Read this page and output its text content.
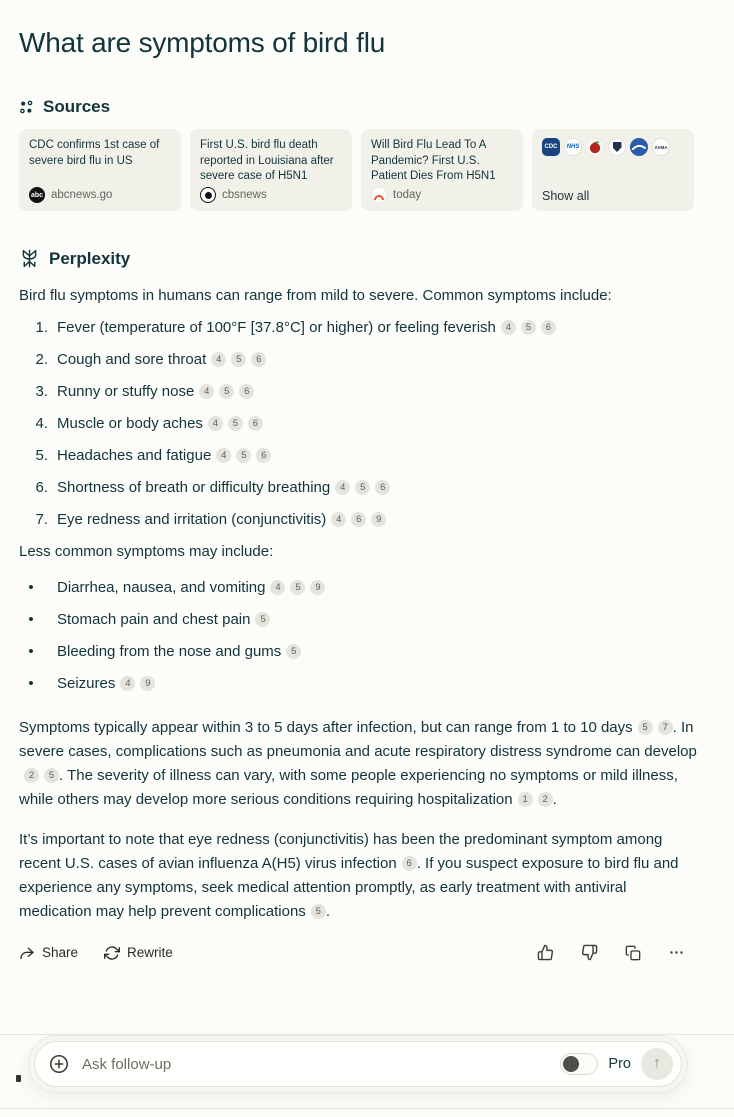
What are symptoms of bird flu
Sources
CDC confirms 1st case of severe bird flu in US
abc abcnews.go
First U.S. bird flu death reported in Louisiana after severe case of H5N1
cbsnews
Will Bird Flu Lead To A Pandemic? First U.S. Patient Dies From H5N1
today
CDC	NHS	AVMA
Show all
Perplexity

Bird flu symptoms in humans can range from mild to severe. Common symptoms include:

1. Fever (temperature of 100°F [37.8°C] or higher) or feeling feverish 4 5 6
2. Cough and sore throat 4 5 6
3. Runny or stuffy nose 4 5 6
4. Muscle or body aches 4 5 6
5. Headaches and fatigue 4 5 6
6. Shortness of breath or difficulty breathing 4 5 6
7. Eye redness and irritation (conjunctivitis) 4 6 9

Less common symptoms may include:

• Diarrhea, nausea, and vomiting 4 5 9
• Stomach pain and chest pain 5
• Bleeding from the nose and gums 5
• Seizures 4 9

Symptoms typically appear within 3 to 5 days after infection, but can range from 1 to 10 days 5 7 . In severe cases, complications such as pneumonia and acute respiratory distress syndrome can develop2 5 . The severity of illness can vary, with some people experiencing no symptoms or mild illness, while others may develop more serious conditions requiring hospitalization 1 2 .

It’s important to note that eye redness (conjunctivitis) has been the predominant symptom among recent U.S. cases of avian influenza A(H5) virus infection 6 . If you suspect exposure to bird flu and experience any symptoms, seek medical attention promptly, as early treatment with antiviral medication may help prevent complications 5 .

Share	Rewrite
Ask follow-up
Pro ↑
